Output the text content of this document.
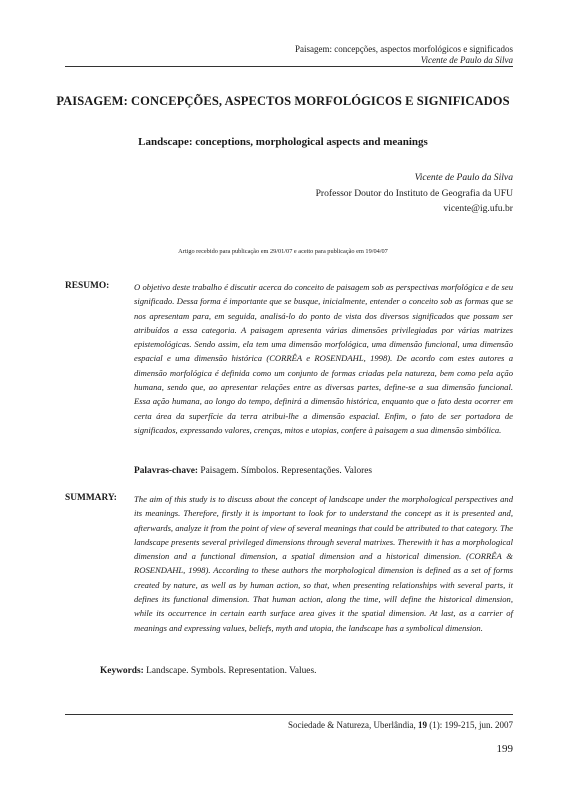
Paisagem: concepções, aspectos morfológicos e significados
Vicente de Paulo da Silva
PAISAGEM: CONCEPÇÕES, ASPECTOS MORFOLÓGICOS E SIGNIFICADOS
Landscape: conceptions, morphological aspects and meanings
Vicente de Paulo da Silva
Professor Doutor do Instituto de Geografia da UFU
vicente@ig.ufu.br
Artigo recebido para publicação em 29/01/07 e aceito para publicação em 19/04/07
RESUMO:	O objetivo deste trabalho é discutir acerca do conceito de paisagem sob as perspectivas morfológica e de seu significado. Dessa forma é importante que se busque, inicialmente, entender o conceito sob as formas que se nos apresentam para, em seguida, analisá-lo do ponto de vista dos diversos significados que possam ser atribuídos a essa categoria. A paisagem apresenta várias dimensões privilegiadas por várias matrizes epistemológicas. Sendo assim, ela tem uma dimensão morfológica, uma dimensão funcional, uma dimensão espacial e uma dimensão histórica (CORRÊA e ROSENDAHL, 1998). De acordo com estes autores a dimensão morfológica é definida como um conjunto de formas criadas pela natureza, bem como pela ação humana, sendo que, ao apresentar relações entre as diversas partes, define-se a sua dimensão funcional. Essa ação humana, ao longo do tempo, definirá a dimensão histórica, enquanto que o fato desta ocorrer em certa área da superfície da terra atribui-lhe a dimensão espacial. Enfim, o fato de ser portadora de significados, expressando valores, crenças, mitos e utopias, confere à paisagem a sua dimensão simbólica.
Palavras-chave: Paisagem. Símbolos. Representações. Valores
SUMMARY: The aim of this study is to discuss about the concept of landscape under the morphological perspectives and its meanings. Therefore, firstly it is important to look for to understand the concept as it is presented and, afterwards, analyze it from the point of view of several meanings that could be attributed to that category. The landscape presents several privileged dimensions through several matrixes. Therewith it has a morphological dimension and a functional dimension, a spatial dimension and a historical dimension. (CORRÊA & ROSENDAHL, 1998). According to these authors the morphological dimension is defined as a set of forms created by nature, as well as by human action, so that, when presenting relationships with several parts, it defines its functional dimension. That human action, along the time, will define the historical dimension, while its occurrence in certain earth surface area gives it the spatial dimension. At last, as a carrier of meanings and expressing values, beliefs, myth and utopia, the landscape has a symbolical dimension.
Keywords: Landscape. Symbols. Representation. Values.
Sociedade & Natureza, Uberlândia, 19 (1): 199-215, jun. 2007
199
